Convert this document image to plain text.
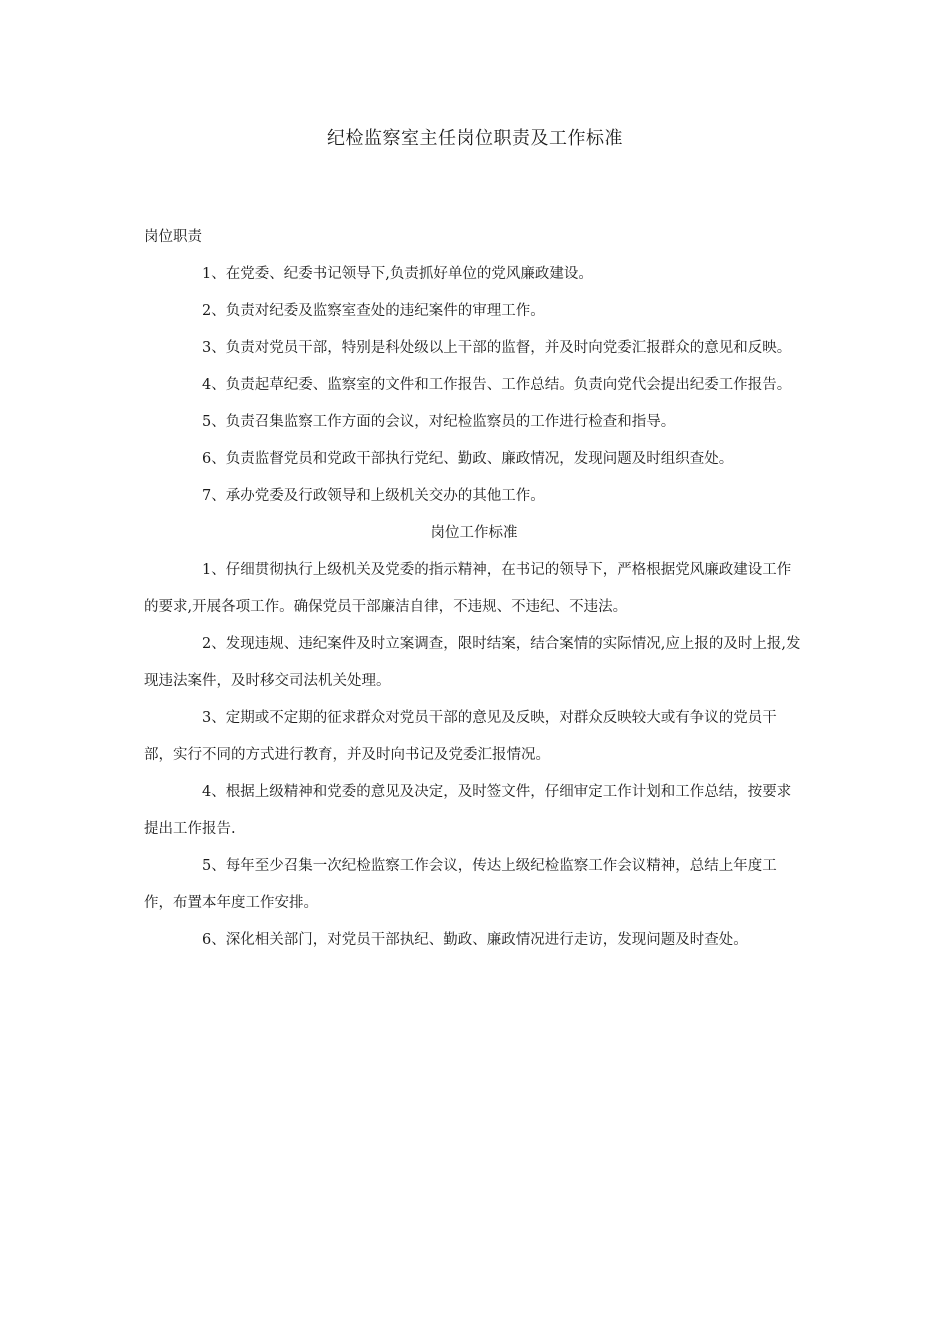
纪检监察室主任岗位职责及工作标准

岗位职责

1、在党委、纪委书记领导下,负责抓好单位的党风廉政建设。

2、负责对纪委及监察室查处的违纪案件的审理工作。

3、负责对党员干部，特别是科处级以上干部的监督，并及时向党委汇报群众的意见和反映。

4、负责起草纪委、监察室的文件和工作报告、工作总结。负责向党代会提出纪委工作报告。

5、负责召集监察工作方面的会议，对纪检监察员的工作进行检查和指导。

6、负责监督党员和党政干部执行党纪、勤政、廉政情况，发现问题及时组织查处。

7、承办党委及行政领导和上级机关交办的其他工作。

岗位工作标准

1、仔细贯彻执行上级机关及党委的指示精神，在书记的领导下，严格根据党风廉政建设工作的要求,开展各项工作。确保党员干部廉洁自律，不违规、不违纪、不违法。

2、发现违规、违纪案件及时立案调查，限时结案，结合案情的实际情况,应上报的及时上报,发现违法案件，及时移交司法机关处理。

3、定期或不定期的征求群众对党员干部的意见及反映，对群众反映较大或有争议的党员干部，实行不同的方式进行教育，并及时向书记及党委汇报情况。

4、根据上级精神和党委的意见及决定，及时签文件，仔细审定工作计划和工作总结，按要求提出工作报告.

5、每年至少召集一次纪检监察工作会议，传达上级纪检监察工作会议精神，总结上年度工作，布置本年度工作安排。

6、深化相关部门，对党员干部执纪、勤政、廉政情况进行走访，发现问题及时查处。
